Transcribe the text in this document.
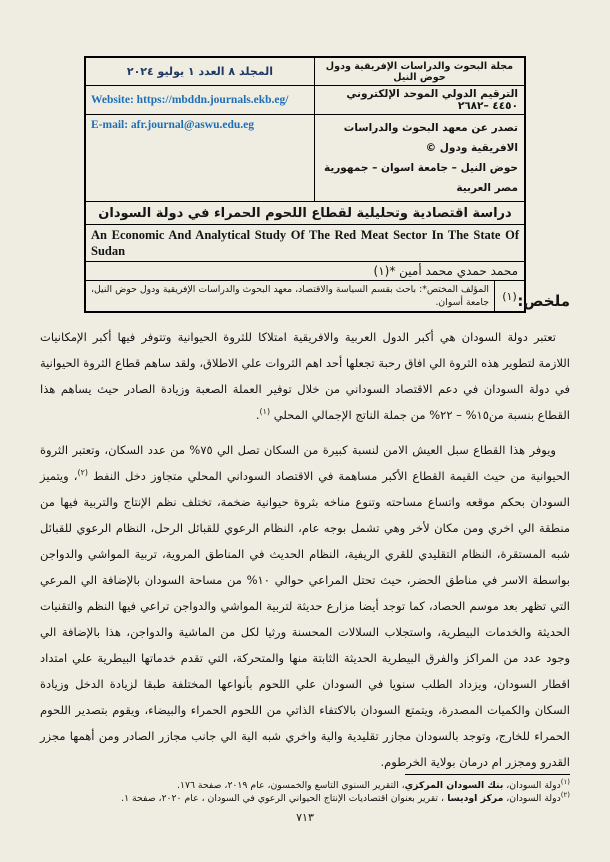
مجلة البحوث والدراسات الإفريقية ودول حوض النيل
المجلد ٨ العدد ١ يوليو ٢٠٢٤
الترقيم الدولي الموحد الإلكتروني ٤٤٥٠ –٢٦٨٢
Website: https://mbddn.journals.ekb.eg/
تصدر عن معهد البحوث والدراسات الافريقية ودول ©
حوض النيل – جامعة اسوان – جمهورية مصر العربية
E-mail: afr.journal@aswu.edu.eg
دراسة اقتصادية وتحليلية لقطاع اللحوم الحمراء في دولة السودان
An Economic And Analytical Study Of The Red Meat Sector In The State Of Sudan
محمد حمدي محمد أمين *(١)
(١)
المؤلف المختص*: باحث بقسم السياسة والاقتصاد، معهد البحوث والدراسات الإفريقية ودول حوض النيل، جامعة أسوان.	ملخص:

تعتبر دولة السودان هي أكبر الدول العربية والافريقية امتلاكا للثروة الحيوانية وتتوفر فيها أكبر الإمكانيات اللازمة لتطوير هذه الثروة الي افاق رحبة تجعلها أحد اهم الثروات علي الاطلاق، ولقد ساهم قطاع الثروة الحيوانية في دولة السودان في دعم الاقتصاد السوداني من خلال توفير العملة الصعبة وزيادة الصادر حيث يساهم هذا القطاع بنسبة من١٥% – ٢٢% من جملة الناتج الإجمالي المحلي $^{(١)}$.

ويوفر هذا القطاع سبل العيش الامن لنسبة كبيرة من السكان تصل الي ٧٥% من عدد السكان، وتعتبر الثروة الحيوانية من حيث القيمة القطاع الأكبر مساهمة في الاقتصاد السوداني المحلي متجاوز دخل النفط $^{(٢)}$، ويتميز السودان بحكم موقعه واتساع مساحته وتنوع مناخه بثروة حيوانية ضخمة، تختلف نظم الإنتاج والتربية فيها من منطقة الي اخري ومن مكان لأخر وهي تشمل بوجه عام، النظام الرعوي للقبائل الرحل، النظام الرعوي للقبائل شبه المستقرة، النظام التقليدي للقري الريفية، النظام الحديث في المناطق المروية، تربية المواشي والدواجن بواسطة الاسر في مناطق الحضر، حيث تحتل المراعي حوالي ١٠% من مساحة السودان بالإضافة الي المرعي التي تظهر بعد موسم الحصاد، كما توجد أيضا مزارع حديثة لتربية المواشي والدواجن تراعي فيها النظم والتقنيات الحديثة والخدمات البيطرية، واستجلاب السلالات المحسنة ورثيا لكل من الماشية والدواجن، هذا بالإضافة الي وجود عدد من المراكز والفرق البيطرية الحديثة الثابتة منها والمتحركة، التي تقدم خدماتها البيطرية علي امتداد اقطار السودان، ويزداد الطلب سنويا في السودان علي اللحوم بأنواعها المختلفة طبقا لزيادة الدخل وزيادة السكان والكميات المصدرة، ويتمتع السودان بالاكتفاء الذاتي من اللحوم الحمراء والبيضاء، ويقوم بتصدير اللحوم الحمراء للخارج، وتوجد بالسودان مجازر تقليدية والية واخري شبه الية الي جانب مجازر الصادر ومن أهمها مجزر القدرو ومجزر ام درمان بولاية الخرطوم.

$^{(١)}$دولة السودان، بنك السودان المركزي، التقرير السنوي التاسع والخمسون، عام ٢٠١٩، صفحة ١٧٦.
$^{(٢)}$دولة السودان، مركز اوديسا ، تقرير بعنوان اقتصاديات الإنتاج الحيواني الرعوي في السودان ، عام ٢٠٢٠، صفحة ١.
٧١٣
